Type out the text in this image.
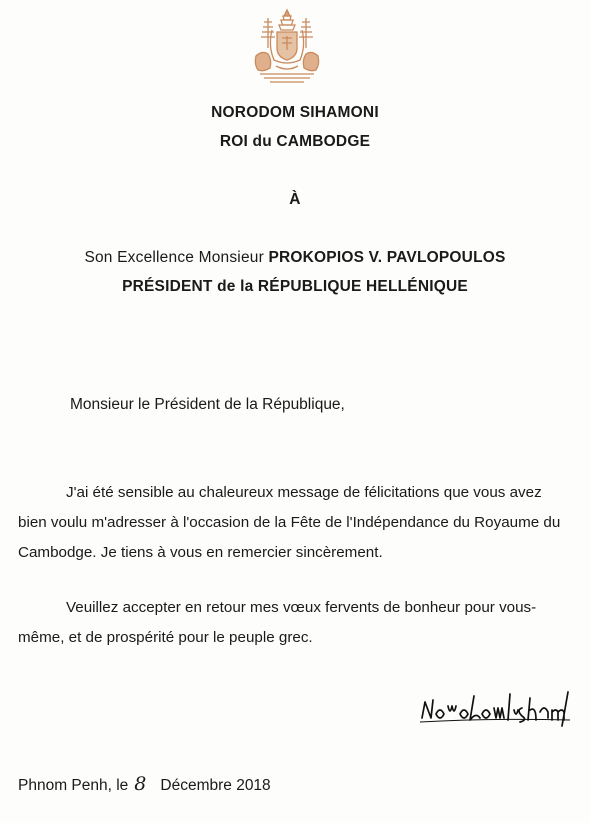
NORODOM SIHAMONI
ROI du CAMBODGE
À
Son Excellence Monsieur PROKOPIOS V. PAVLOPOULOS
PRÉSIDENT de la RÉPUBLIQUE HELLÉNIQUE
Monsieur le Président de la République,
J'ai été sensible au chaleureux message de félicitations que vous avez bien voulu m'adresser à l'occasion de la Fête de l'Indépendance du Royaume du Cambodge. Je tiens à vous en remercier sincèrement.
Veuillez accepter en retour mes vœux fervents de bonheur pour vous-même, et de prospérité pour le peuple grec.
Phnom Penh, le 8 Décembre 2018
